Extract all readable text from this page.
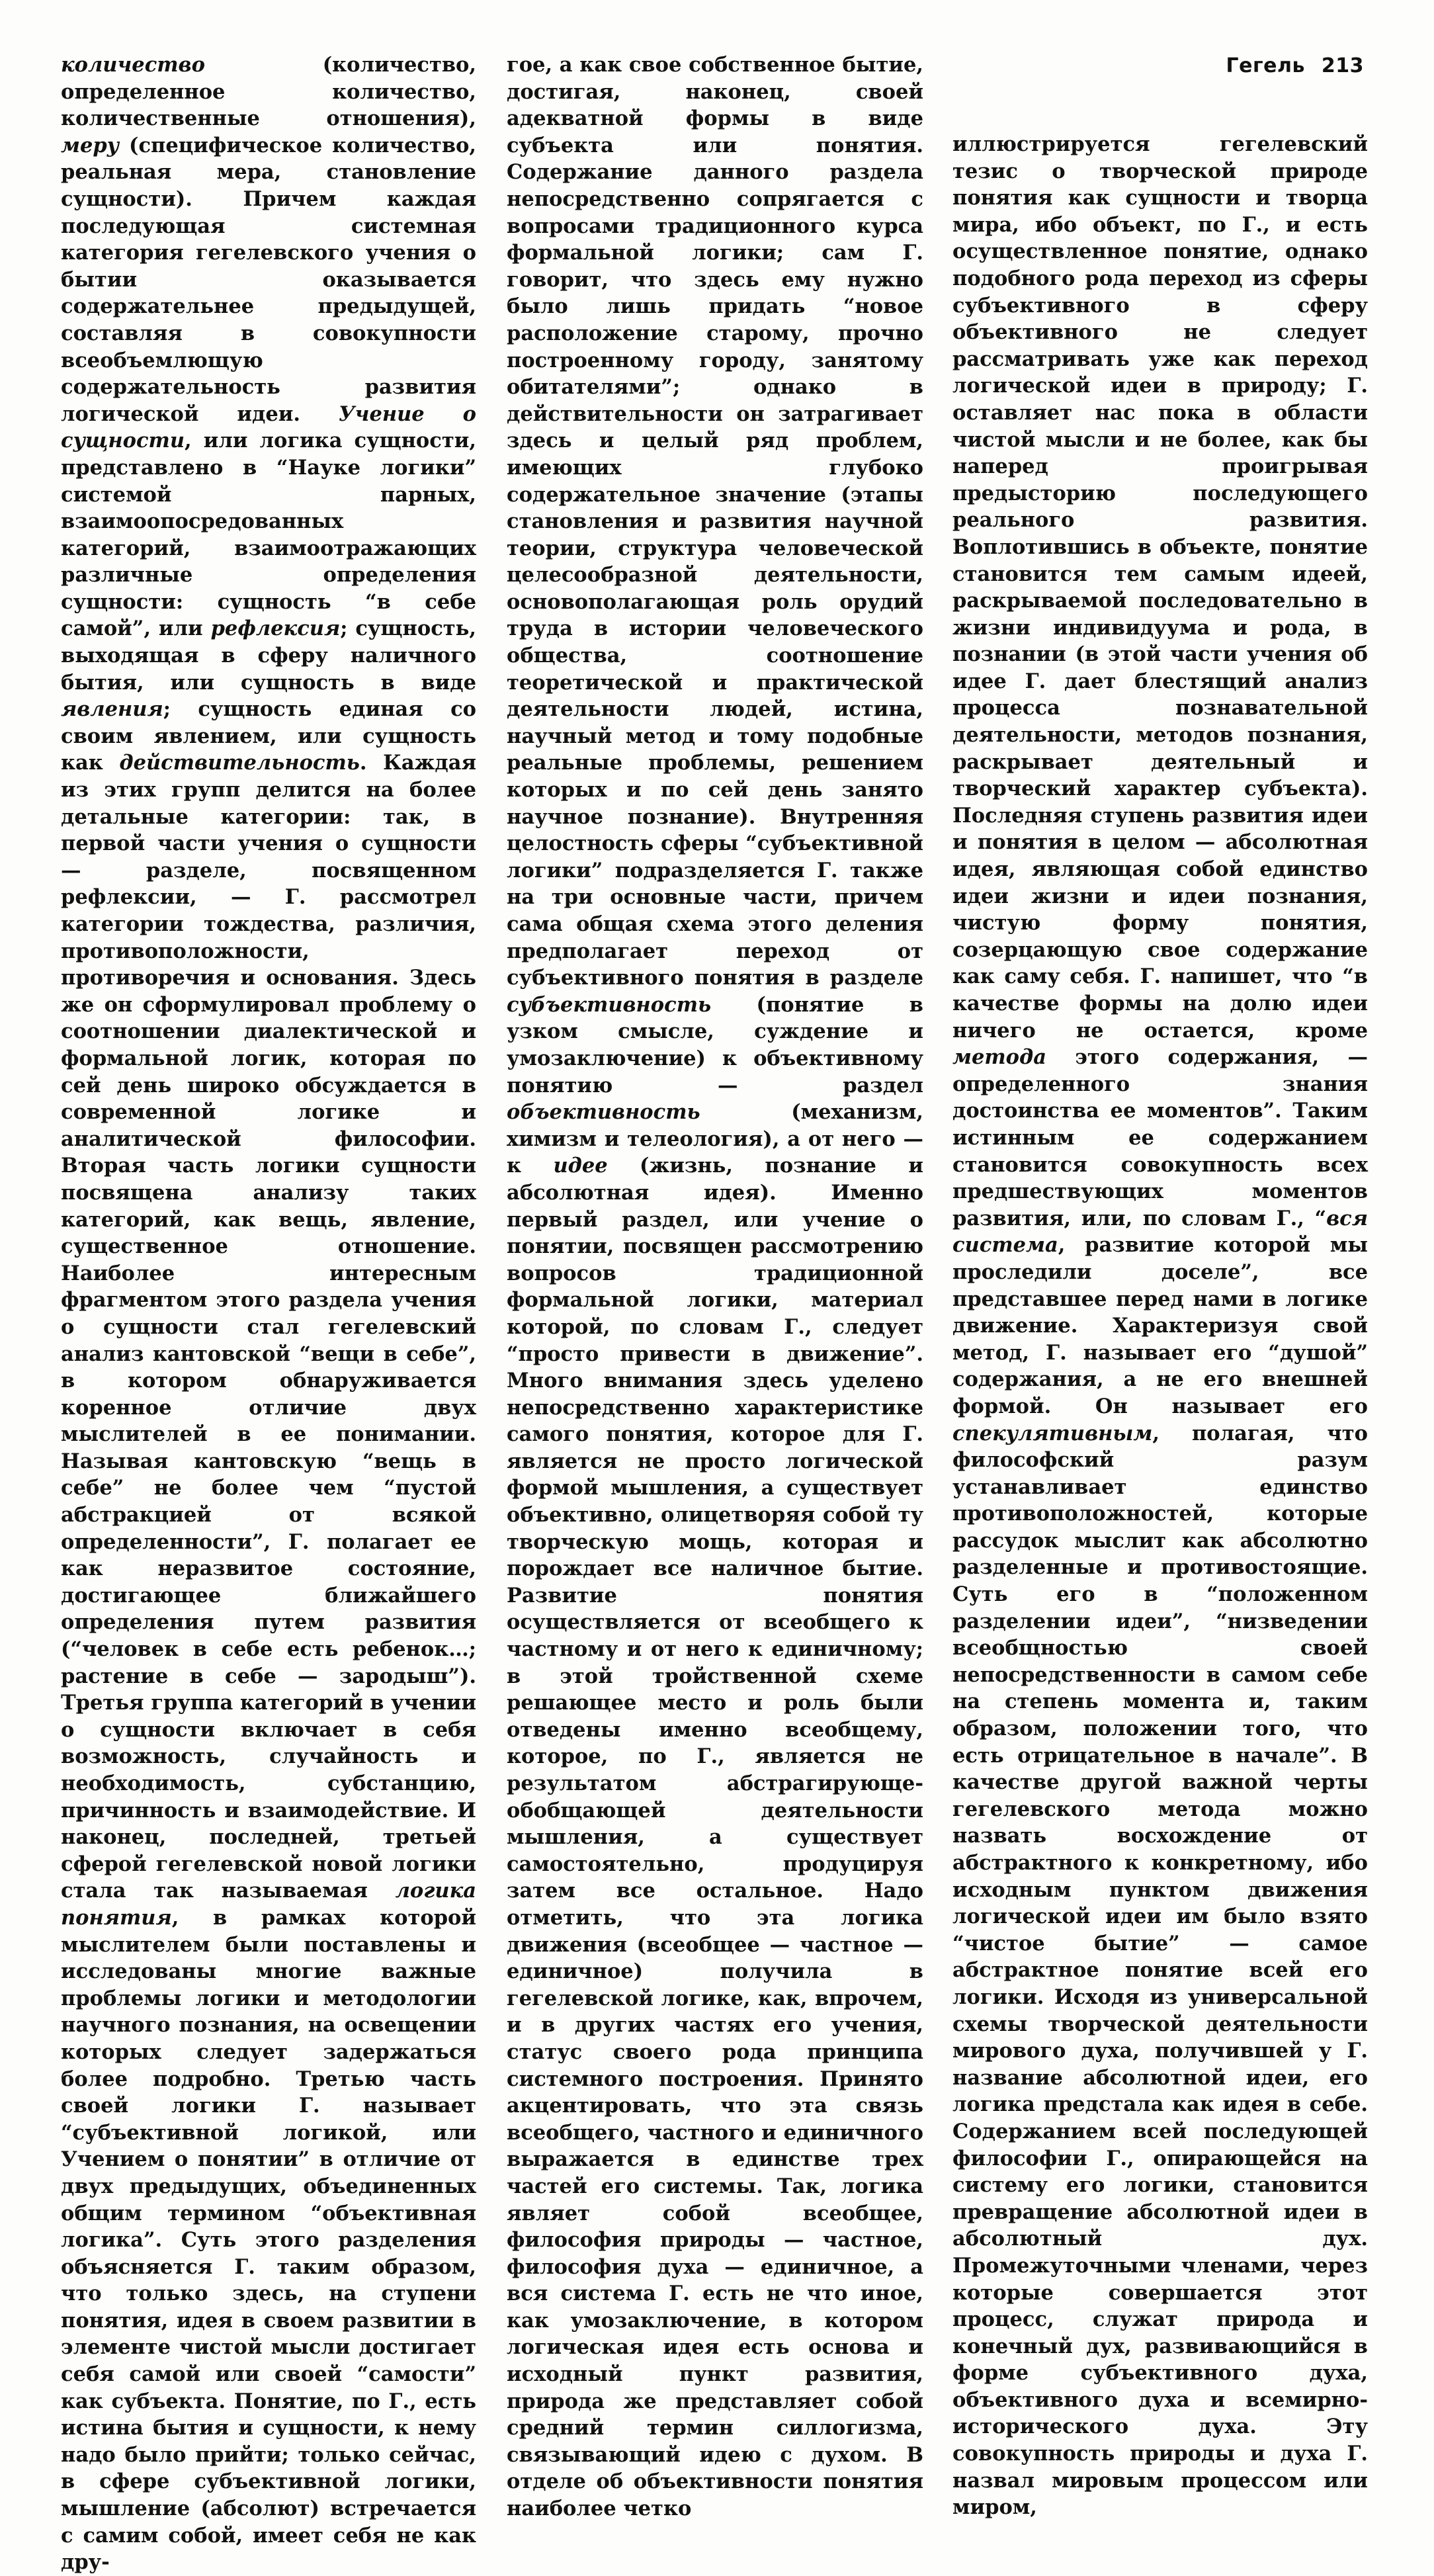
Гегель 213

количество (количество, определенное количество, количественные отношения), меру (специфическое количество, реальная мера, становление сущности). Причем каждая последующая системная категория гегелевского учения о бытии оказывается содержательнее предыдущей, составляя в совокупности всеобъемлющую содержательность развития логической идеи. Учение о сущности, или логика сущности, представлено в “Науке логики” системой парных, взаимоопосредованных категорий, взаимоотражающих различные определения сущности: сущность “в себе самой”, или рефлексия; сущность, выходящая в сферу наличного бытия, или сущность в виде явления; сущность единая со своим явлением, или сущность как действительность. Каждая из этих групп делится на более детальные категории: так, в первой части учения о сущности — разделе, посвященном рефлексии, — Г. рассмотрел категории тождества, различия, противоположности, противоречия и основания. Здесь же он сформулировал проблему о соотношении диалектической и формальной логик, которая по сей день широко обсуждается в современной логике и аналитической философии. Вторая часть логики сущности посвящена анализу таких категорий, как вещь, явление, существенное отношение. Наиболее интересным фрагментом этого раздела учения о сущности стал гегелевский анализ кантовской “вещи в себе”, в котором обнаруживается коренное отличие двух мыслителей в ее понимании. Называя кантовскую “вещь в себе” не более чем “пустой абстракцией от всякой определенности”, Г. полагает ее как неразвитое состояние, достигающее ближайшего определения путем развития (“человек в себе есть ребенок…; растение в себе — зародыш”). Третья группа категорий в учении о сущности включает в себя возможность, случайность и необходимость, субстанцию, причинность и взаимодействие. И наконец, последней, третьей сферой гегелевской новой логики стала так называемая логика понятия, в рамках которой мыслителем были поставлены и исследованы многие важные проблемы логики и методологии научного познания, на освещении которых следует задержаться более подробно. Третью часть своей логики Г. называет “субъективной логикой, или Учением о понятии” в отличие от двух предыдущих, объединенных общим термином “объективная логика”. Суть этого разделения объясняется Г. таким образом, что только здесь, на ступени понятия, идея в своем развитии в элементе чистой мысли достигает себя самой или своей “самости” как субъекта. Понятие, по Г., есть истина бытия и сущности, к нему надо было прийти; только сейчас, в сфере субъективной логики, мышление (абсолют) встречается с самим собой, имеет себя не как дру-

гое, а как свое собственное бытие, достигая, наконец, своей адекватной формы в виде субъекта или понятия. Содержание данного раздела непосредственно сопрягается с вопросами традиционного курса формальной логики; сам Г. говорит, что здесь ему нужно было лишь придать “новое расположение старому, прочно построенному городу, занятому обитателями”; однако в действительности он затрагивает здесь и целый ряд проблем, имеющих глубоко содержательное значение (этапы становления и развития научной теории, структура человеческой целесообразной деятельности, основополагающая роль орудий труда в истории человеческого общества, соотношение теоретической и практической деятельности людей, истина, научный метод и тому подобные реальные проблемы, решением которых и по сей день занято научное познание). Внутренняя целостность сферы “субъективной логики” подразделяется Г. также на три основные части, причем сама общая схема этого деления предполагает переход от субъективного понятия в разделе субъективность (понятие в узком смысле, суждение и умозаключение) к объективному понятию — раздел объективность (механизм, химизм и телеология), а от него — к идее (жизнь, познание и абсолютная идея). Именно первый раздел, или учение о понятии, посвящен рассмотрению вопросов традиционной формальной логики, материал которой, по словам Г., следует “просто привести в движение”. Много внимания здесь уделено непосредственно характеристике самого понятия, которое для Г. является не просто логической формой мышления, а существует объективно, олицетворяя собой ту творческую мощь, которая и порождает все наличное бытие. Развитие понятия осуществляется от всеобщего к частному и от него к единичному; в этой тройственной схеме решающее место и роль были отведены именно всеобщему, которое, по Г., является не результатом абстрагирующе-обобщающей деятельности мышления, а существует самостоятельно, продуцируя затем все остальное. Надо отметить, что эта логика движения (всеобщее — частное — единичное) получила в гегелевской логике, как, впрочем, и в других частях его учения, статус своего рода принципа системного построения. Принято акцентировать, что эта связь всеобщего, частного и единичного выражается в единстве трех частей его системы. Так, логика являет собой всеобщее, философия природы — частное, философия духа — единичное, а вся система Г. есть не что иное, как умозаключение, в котором логическая идея есть основа и исходный пункт развития, природа же представляет собой средний термин силлогизма, связывающий идею с духом. В отделе об объективности понятия наиболее четко

иллюстрируется гегелевский тезис о творческой природе понятия как сущности и творца мира, ибо объект, по Г., и есть осуществленное понятие, однако подобного рода переход из сферы субъективного в сферу объективного не следует рассматривать уже как переход логической идеи в природу; Г. оставляет нас пока в области чистой мысли и не более, как бы наперед проигрывая предысторию последующего реального развития. Воплотившись в объекте, понятие становится тем самым идеей, раскрываемой последовательно в жизни индивидуума и рода, в познании (в этой части учения об идее Г. дает блестящий анализ процесса познавательной деятельности, методов познания, раскрывает деятельный и творческий характер субъекта). Последняя ступень развития идеи и понятия в целом — абсолютная идея, являющая собой единство идеи жизни и идеи познания, чистую форму понятия, созерцающую свое содержание как саму себя. Г. напишет, что “в качестве формы на долю идеи ничего не остается, кроме метода этого содержания, — определенного знания достоинства ее моментов”. Таким истинным ее содержанием становится совокупность всех предшествующих моментов развития, или, по словам Г., “вся система, развитие которой мы проследили доселе”, все представшее перед нами в логике движение. Характеризуя свой метод, Г. называет его “душой” содержания, а не его внешней формой. Он называет его спекулятивным, полагая, что философский разум устанавливает единство противоположностей, которые рассудок мыслит как абсолютно разделенные и противостоящие. Суть его в “положенном разделении идеи”, “низведении всеобщностью своей непосредственности в самом себе на степень момента и, таким образом, положении того, что есть отрицательное в начале”. В качестве другой важной черты гегелевского метода можно назвать восхождение от абстрактного к конкретному, ибо исходным пунктом движения логической идеи им было взято “чистое бытие” — самое абстрактное понятие всей его логики. Исходя из универсальной схемы творческой деятельности мирового духа, получившей у Г. название абсолютной идеи, его логика предстала как идея в себе. Содержанием всей последующей философии Г., опирающейся на систему его логики, становится превращение абсолютной идеи в абсолютный дух. Промежуточными членами, через которые совершается этот процесс, служат природа и конечный дух, развивающийся в форме субъективного духа, объективного духа и всемирно-исторического духа. Эту совокупность природы и духа Г. назвал мировым процессом или миром,
